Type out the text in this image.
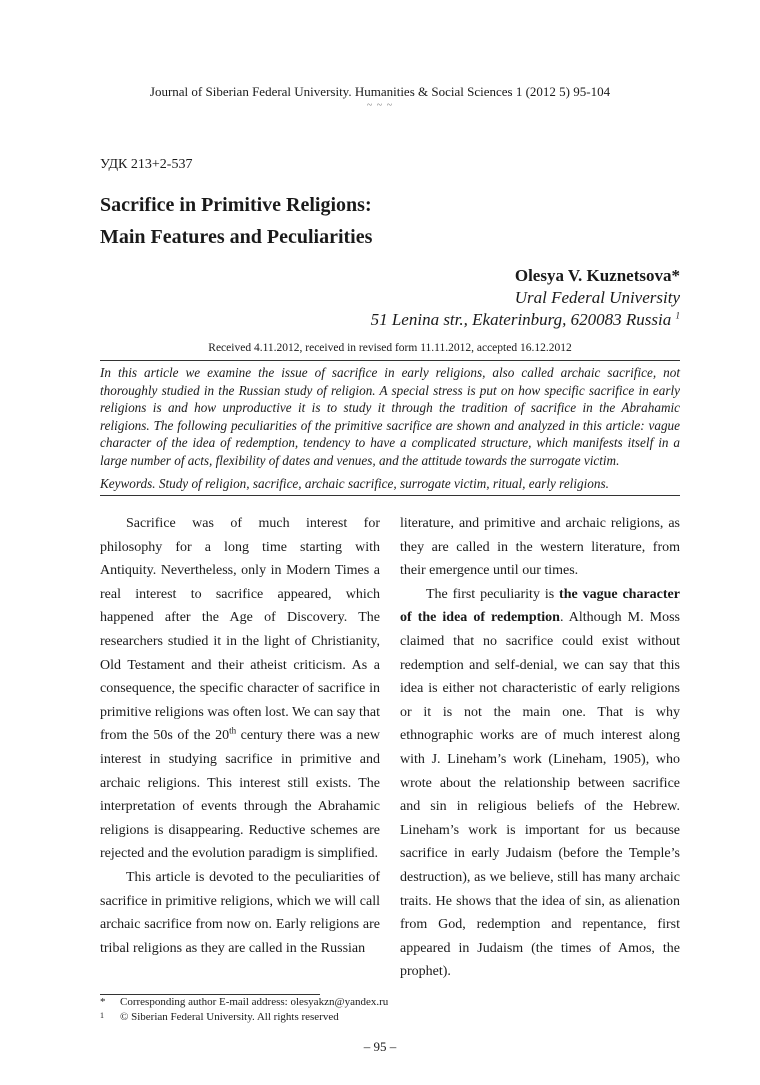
Journal of Siberian Federal University. Humanities & Social Sciences 1 (2012 5) 95-104
~ ~ ~
УДК 213+2-537
Sacrifice in Primitive Religions:
Main Features and Peculiarities
Olesya V. Kuznetsova*
Ural Federal University
51 Lenina str., Ekaterinburg, 620083 Russia $^1$
Received 4.11.2012, received in revised form 11.11.2012, accepted 16.12.2012
In this article we examine the issue of sacrifice in early religions, also called archaic sacrifice, not thoroughly studied in the Russian study of religion. A special stress is put on how specific sacrifice in early religions is and how unproductive it is to study it through the tradition of sacrifice in the Abrahamic religions. The following peculiarities of the primitive sacrifice are shown and analyzed in this article: vague character of the idea of redemption, tendency to have a complicated structure, which manifests itself in a large number of acts, flexibility of dates and venues, and the attitude towards the surrogate victim.
Keywords. Study of religion, sacrifice, archaic sacrifice, surrogate victim, ritual, early religions.

Sacrifice was of much interest for philosophy for a long time starting with Antiquity. Nevertheless, only in Modern Times a real interest to sacrifice appeared, which happened after the Age of Discovery. The researchers studied it in the light of Christianity, Old Testament and their atheist criticism. As a consequence, the specific character of sacrifice in primitive religions was often lost. We can say that from the 50s of the 20th century there was a new interest in studying sacrifice in primitive and archaic religions. This interest still exists. The interpretation of events through the Abrahamic religions is disappearing. Reductive schemes are rejected and the evolution paradigm is simplified.

This article is devoted to the peculiarities of sacrifice in primitive religions, which we will call archaic sacrifice from now on. Early religions are tribal religions as they are called in the Russian

literature, and primitive and archaic religions, as they are called in the western literature, from their emergence until our times.

The first peculiarity is the vague character of the idea of redemption. Although M. Moss claimed that no sacrifice could exist without redemption and self-denial, we can say that this idea is either not characteristic of early religions or it is not the main one. That is why ethnographic works are of much interest along with J. Lineham’s work (Lineham, 1905), who wrote about the relationship between sacrifice and sin in religious beliefs of the Hebrew. Lineham’s work is important for us because sacrifice in early Judaism (before the Temple’s destruction), as we believe, still has many archaic traits. He shows that the idea of sin, as alienation from God, redemption and repentance, first appeared in Judaism (the times of Amos, the prophet).

* Corresponding author E-mail address: olesyakzn@yandex.ru
1 © Siberian Federal University. All rights reserved
– 95 –
